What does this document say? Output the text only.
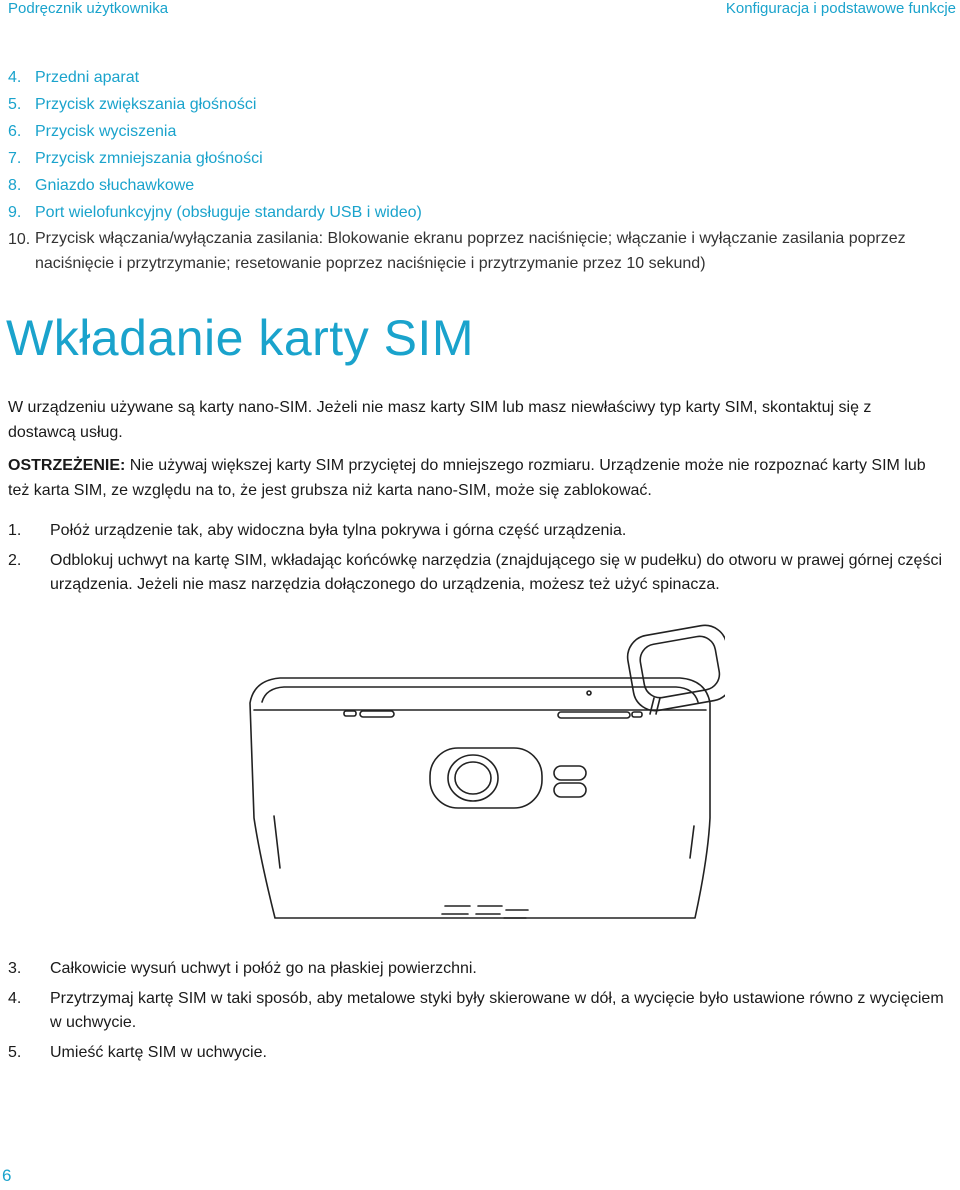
Podręcznik użytkownika	Konfiguracja i podstawowe funkcje
4. Przedni aparat
5. Przycisk zwiększania głośności
6. Przycisk wyciszenia
7. Przycisk zmniejszania głośności
8. Gniazdo słuchawkowe
9. Port wielofunkcyjny (obsługuje standardy USB i wideo)
10. Przycisk włączania/wyłączania zasilania: Blokowanie ekranu poprzez naciśnięcie; włączanie i wyłączanie zasilania poprzez naciśnięcie i przytrzymanie; resetowanie poprzez naciśnięcie i przytrzymanie przez 10 sekund)
Wkładanie karty SIM

W urządzeniu używane są karty nano-SIM. Jeżeli nie masz karty SIM lub masz niewłaściwy typ karty SIM, skontaktuj się z dostawcą usług.

OSTRZEŻENIE: Nie używaj większej karty SIM przyciętej do mniejszego rozmiaru. Urządzenie może nie rozpoznać karty SIM lub też karta SIM, ze względu na to, że jest grubsza niż karta nano-SIM, może się zablokować.

1.	Połóż urządzenie tak, aby widoczna była tylna pokrywa i górna część urządzenia.
2.	Odblokuj uchwyt na kartę SIM, wkładając końcówkę narzędzia (znajdującego się w pudełku) do otworu w prawej górnej części urządzenia. Jeżeli nie masz narzędzia dołączonego do urządzenia, możesz też użyć spinacza.
3.	Całkowicie wysuń uchwyt i połóż go na płaskiej powierzchni.
4.	Przytrzymaj kartę SIM w taki sposób, aby metalowe styki były skierowane w dół, a wycięcie było ustawione równo z wycięciem w uchwycie.
5.	Umieść kartę SIM w uchwycie.
6
